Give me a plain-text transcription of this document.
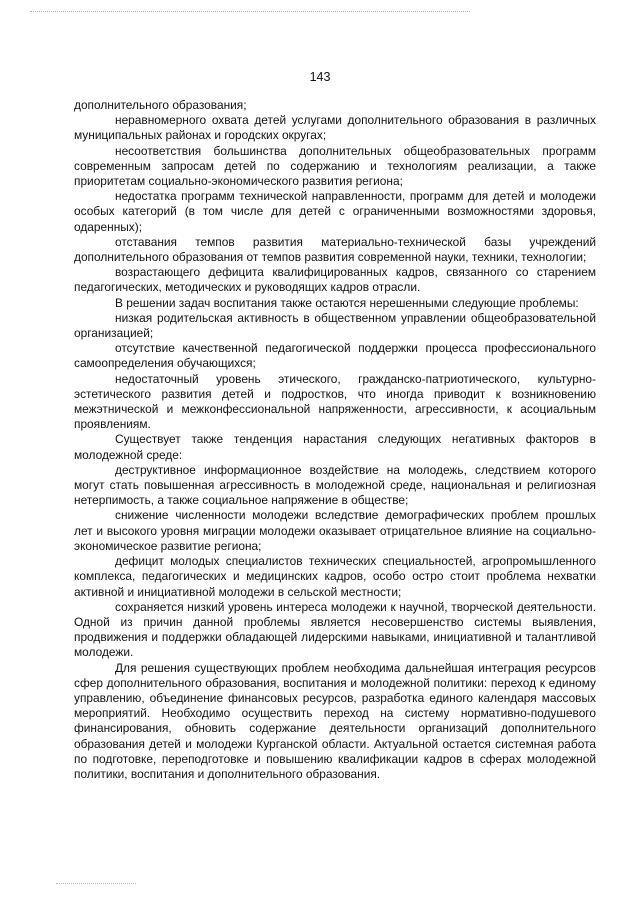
143

дополнительного образования;

неравномерного охвата детей услугами дополнительного образования в различных муниципальных районах и городских округах;

несоответствия большинства дополнительных общеобразовательных программ современным запросам детей по содержанию и технологиям реализации, а также приоритетам социально-экономического развития региона;

недостатка программ технической направленности, программ для детей и молодежи особых категорий (в том числе для детей с ограниченными возможностями здоровья, одаренных);

отставания темпов развития материально-технической базы учреждений дополнительного образования от темпов развития современной науки, техники, технологии;

возрастающего дефицита квалифицированных кадров, связанного со старением педагогических, методических и руководящих кадров отрасли.

В решении задач воспитания также остаются нерешенными следующие проблемы:

низкая родительская активность в общественном управлении общеобразовательной организацией;

отсутствие качественной педагогической поддержки процесса профессионального самоопределения обучающихся;

недостаточный уровень этического, гражданско-патриотического, культурно-эстетического развития детей и подростков, что иногда приводит к возникновению межэтнической и межконфессиональной напряженности, агрессивности, к асоциальным проявлениям.

Существует также тенденция нарастания следующих негативных факторов в молодежной среде:

деструктивное информационное воздействие на молодежь, следствием которого могут стать повышенная агрессивность в молодежной среде, национальная и религиозная нетерпимость, а также социальное напряжение в обществе;

снижение численности молодежи вследствие демографических проблем прошлых лет и высокого уровня миграции молодежи оказывает отрицательное влияние на социально-экономическое развитие региона;

дефицит молодых специалистов технических специальностей, агропромышленного комплекса, педагогических и медицинских кадров, особо остро стоит проблема нехватки активной и инициативной молодежи в сельской местности;

сохраняется низкий уровень интереса молодежи к научной, творческой деятельности. Одной из причин данной проблемы является несовершенство системы выявления, продвижения и поддержки обладающей лидерскими навыками, инициативной и талантливой молодежи.

Для решения существующих проблем необходима дальнейшая интеграция ресурсов сфер дополнительного образования, воспитания и молодежной политики: переход к единому управлению, объединение финансовых ресурсов, разработка единого календаря массовых мероприятий. Необходимо осуществить переход на систему нормативно-подушевого финансирования, обновить содержание деятельности организаций дополнительного образования детей и молодежи Курганской области. Актуальной остается системная работа по подготовке, переподготовке и повышению квалификации кадров в сферах молодежной политики, воспитания и дополнительного образования.
